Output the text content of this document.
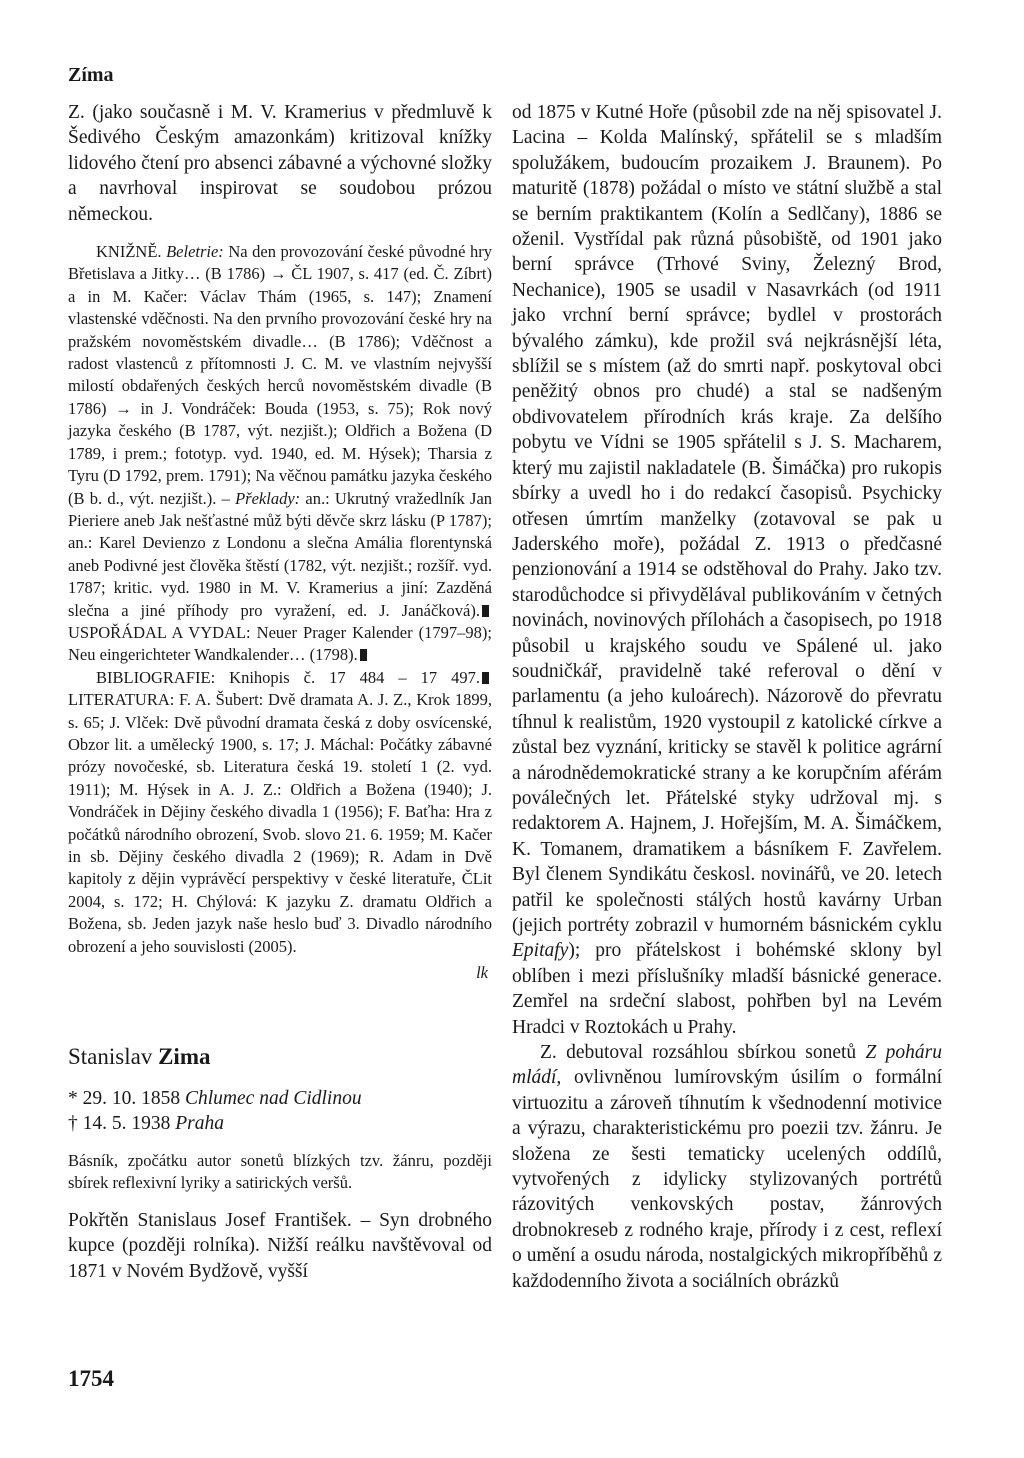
Zíma

Z. (jako současně i M. V. Kramerius v předmluvě k Šedivého Českým amazonkám) kritizoval knížky lidového čtení pro absenci zábavné a výchovné složky a navrhoval inspirovat se soudobou prózou německou.

KNIŽNĚ. Beletrie: Na den provozování české původné hry Břetislava a Jitky… (B 1786) → ČL 1907, s. 417 (ed. Č. Zíbrt) a in M. Kačer: Václav Thám (1965, s. 147); Znamení vlastenské vděčnosti. Na den prvního provozování české hry na pražském novoměstském divadle… (B 1786); Vděčnost a radost vlastenců z přítomnosti J. C. M. ve vlastním nejvyšší milostí obdařených českých herců novoměstském divadle (B 1786) → in J. Vondráček: Bouda (1953, s. 75); Rok nový jazyka českého (B 1787, výt. nezjišt.); Oldřich a Božena (D 1789, i prem.; fototyp. vyd. 1940, ed. M. Hýsek); Tharsia z Tyru (D 1792, prem. 1791); Na věčnou památku jazyka českého (B b. d., výt. nezjišt.). – Překlady: an.: Ukrutný vražedlník Jan Pieriere aneb Jak nešťastné můž býti děvče skrz lásku (P 1787); an.: Karel Devienzo z Londonu a slečna Amália florentynská aneb Podivné jest člověka štěstí (1782, výt. nezjišt.; rozšíř. vyd. 1787; kritic. vyd. 1980 in M. V. Kramerius a jiní: Zazděná slečna a jiné příhody pro vyražení, ed. J. Janáčková).USPOŘÁDAL A VYDAL: Neuer Prager Kalender (1797–98); Neu eingerichteter Wandkalender… (1798).

BIBLIOGRAFIE: Knihopis č. 17 484 – 17 497.LITERATURA: F. A. Šubert: Dvě dramata A. J. Z., Krok 1899, s. 65; J. Vlček: Dvě původní dramata česká z doby osvícenské, Obzor lit. a umělecký 1900, s. 17; J. Máchal: Počátky zábavné prózy novočeské, sb. Literatura česká 19. století 1 (2. vyd. 1911); M. Hýsek in A. J. Z.: Oldřich a Božena (1940); J. Vondráček in Dějiny českého divadla 1 (1956); F. Baťha: Hra z počátků národního obrození, Svob. slovo 21. 6. 1959; M. Kačer in sb. Dějiny českého divadla 2 (1969); R. Adam in Dvě kapitoly z dějin vyprávěcí perspektivy v české literatuře, ČLit 2004, s. 172; H. Chýlová: K jazyku Z. dramatu Oldřich a Božena, sb. Jeden jazyk naše heslo buď 3. Divadlo národního obrození a jeho souvislosti (2005).

lk
Stanislav Zima
* 29. 10. 1858 Chlumec nad Cidlinou
† 14. 5. 1938 Praha

Básník, zpočátku autor sonetů blízkých tzv. žánru, později sbírek reflexivní lyriky a satirických veršů.

Pokřtěn Stanislaus Josef František. – Syn drobného kupce (později rolníka). Nižší reálku navštěvoval od 1871 v Novém Bydžově, vyšší

od 1875 v Kutné Hoře (působil zde na něj spisovatel J. Lacina – Kolda Malínský, spřátelil se s mladším spolužákem, budoucím prozaikem J. Braunem). Po maturitě (1878) požádal o místo ve státní službě a stal se berním praktikantem (Kolín a Sedlčany), 1886 se oženil. Vystřídal pak různá působiště, od 1901 jako berní správce (Trhové Sviny, Železný Brod, Nechanice), 1905 se usadil v Nasavrkách (od 1911 jako vrchní berní správce; bydlel v prostorách bývalého zámku), kde prožil svá nejkrásnější léta, sblížil se s místem (až do smrti např. poskytoval obci peněžitý obnos pro chudé) a stal se nadšeným obdivovatelem přírodních krás kraje. Za delšího pobytu ve Vídni se 1905 spřátelil s J. S. Macharem, který mu zajistil nakladatele (B. Šimáčka) pro rukopis sbírky a uvedl ho i do redakcí časopisů. Psychicky otřesen úmrtím manželky (zotavoval se pak u Jaderského moře), požádal Z. 1913 o předčasné penzionování a 1914 se odstěhoval do Prahy. Jako tzv. starodůchodce si přivydělával publikováním v četných novinách, novinových přílohách a časopisech, po 1918 působil u krajského soudu ve Spálené ul. jako soudničkář, pravidelně také referoval o dění v parlamentu (a jeho kuloárech). Názorově do převratu tíhnul k realistům, 1920 vystoupil z katolické církve a zůstal bez vyznání, kriticky se stavěl k politice agrární a národnědemokratické strany a ke korupčním aférám poválečných let. Přátelské styky udržoval mj. s redaktorem A. Hajnem, J. Hořejším, M. A. Šimáčkem, K. Tomanem, dramatikem a básníkem F. Zavřelem. Byl členem Syndikátu českosl. novinářů, ve 20. letech patřil ke společnosti stálých hostů kavárny Urban (jejich portréty zobrazil v humorném básnickém cyklu Epitafy); pro přátelskost i bohémské sklony byl oblíben i mezi příslušníky mladší básnické generace. Zemřel na srdeční slabost, pohřben byl na Levém Hradci v Roztokách u Prahy.

Z. debutoval rozsáhlou sbírkou sonetů Z poháru mládí, ovlivněnou lumírovským úsilím o formální virtuozitu a zároveň tíhnutím k všednodenní motivice a výrazu, charakteristickému pro poezii tzv. žánru. Je složena ze šesti tematicky ucelených oddílů, vytvořených z idylicky stylizovaných portrétů rázovitých venkovských postav, žánrových drobnokreseb z rodného kraje, přírody i z cest, reflexí o umění a osudu národa, nostalgických mikropříběhů z každodenního života a sociálních obrázků

1754
